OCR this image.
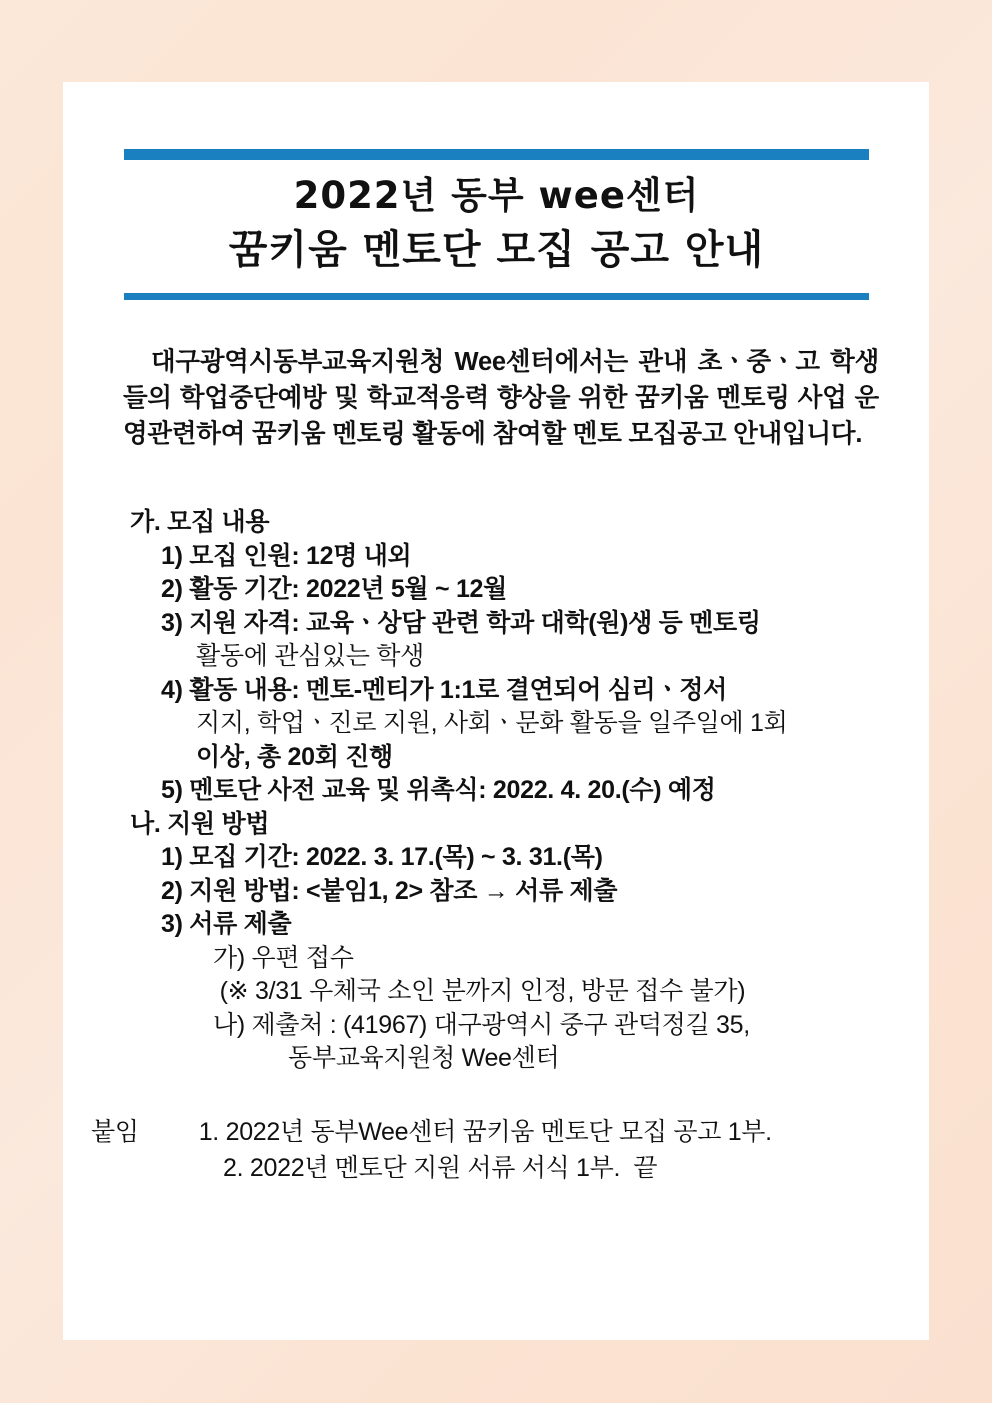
2022년 동부 wee센터
꿈키움 멘토단 모집 공고 안내
대구광역시동부교육지원청 Wee센터에서는 관내 초ㆍ중ㆍ고 학생들의 학업중단예방 및 학교적응력 향상을 위한 꿈키움 멘토링 사업 운영관련하여 꿈키움 멘토링 활동에 참여할 멘토 모집공고 안내입니다.
가. 모집 내용
1) 모집 인원: 12명 내외
2) 활동 기간: 2022년 5월 ~ 12월
3) 지원 자격: 교육ㆍ상담 관련 학과 대학(원)생 등 멘토링
활동에 관심있는 학생
4) 활동 내용: 멘토-멘티가 1:1로 결연되어 심리ㆍ정서
지지, 학업ㆍ진로 지원, 사회ㆍ문화 활동을 일주일에 1회
이상, 총 20회 진행
5) 멘토단 사전 교육 및 위촉식: 2022. 4. 20.(수) 예정
나. 지원 방법
1) 모집 기간: 2022. 3. 17.(목) ~ 3. 31.(목)
2) 지원 방법: <붙임1, 2> 참조 → 서류 제출
3) 서류 제출
가) 우편 접수
(※ 3/31 우체국 소인 분까지 인정, 방문 접수 불가)
나) 제출처 : (41967) 대구광역시 중구 관덕정길 35,
동부교육지원청 Wee센터
붙임 1. 2022년 동부Wee센터 꿈키움 멘토단 모집 공고 1부.
2. 2022년 멘토단 지원 서류 서식 1부.  끝
